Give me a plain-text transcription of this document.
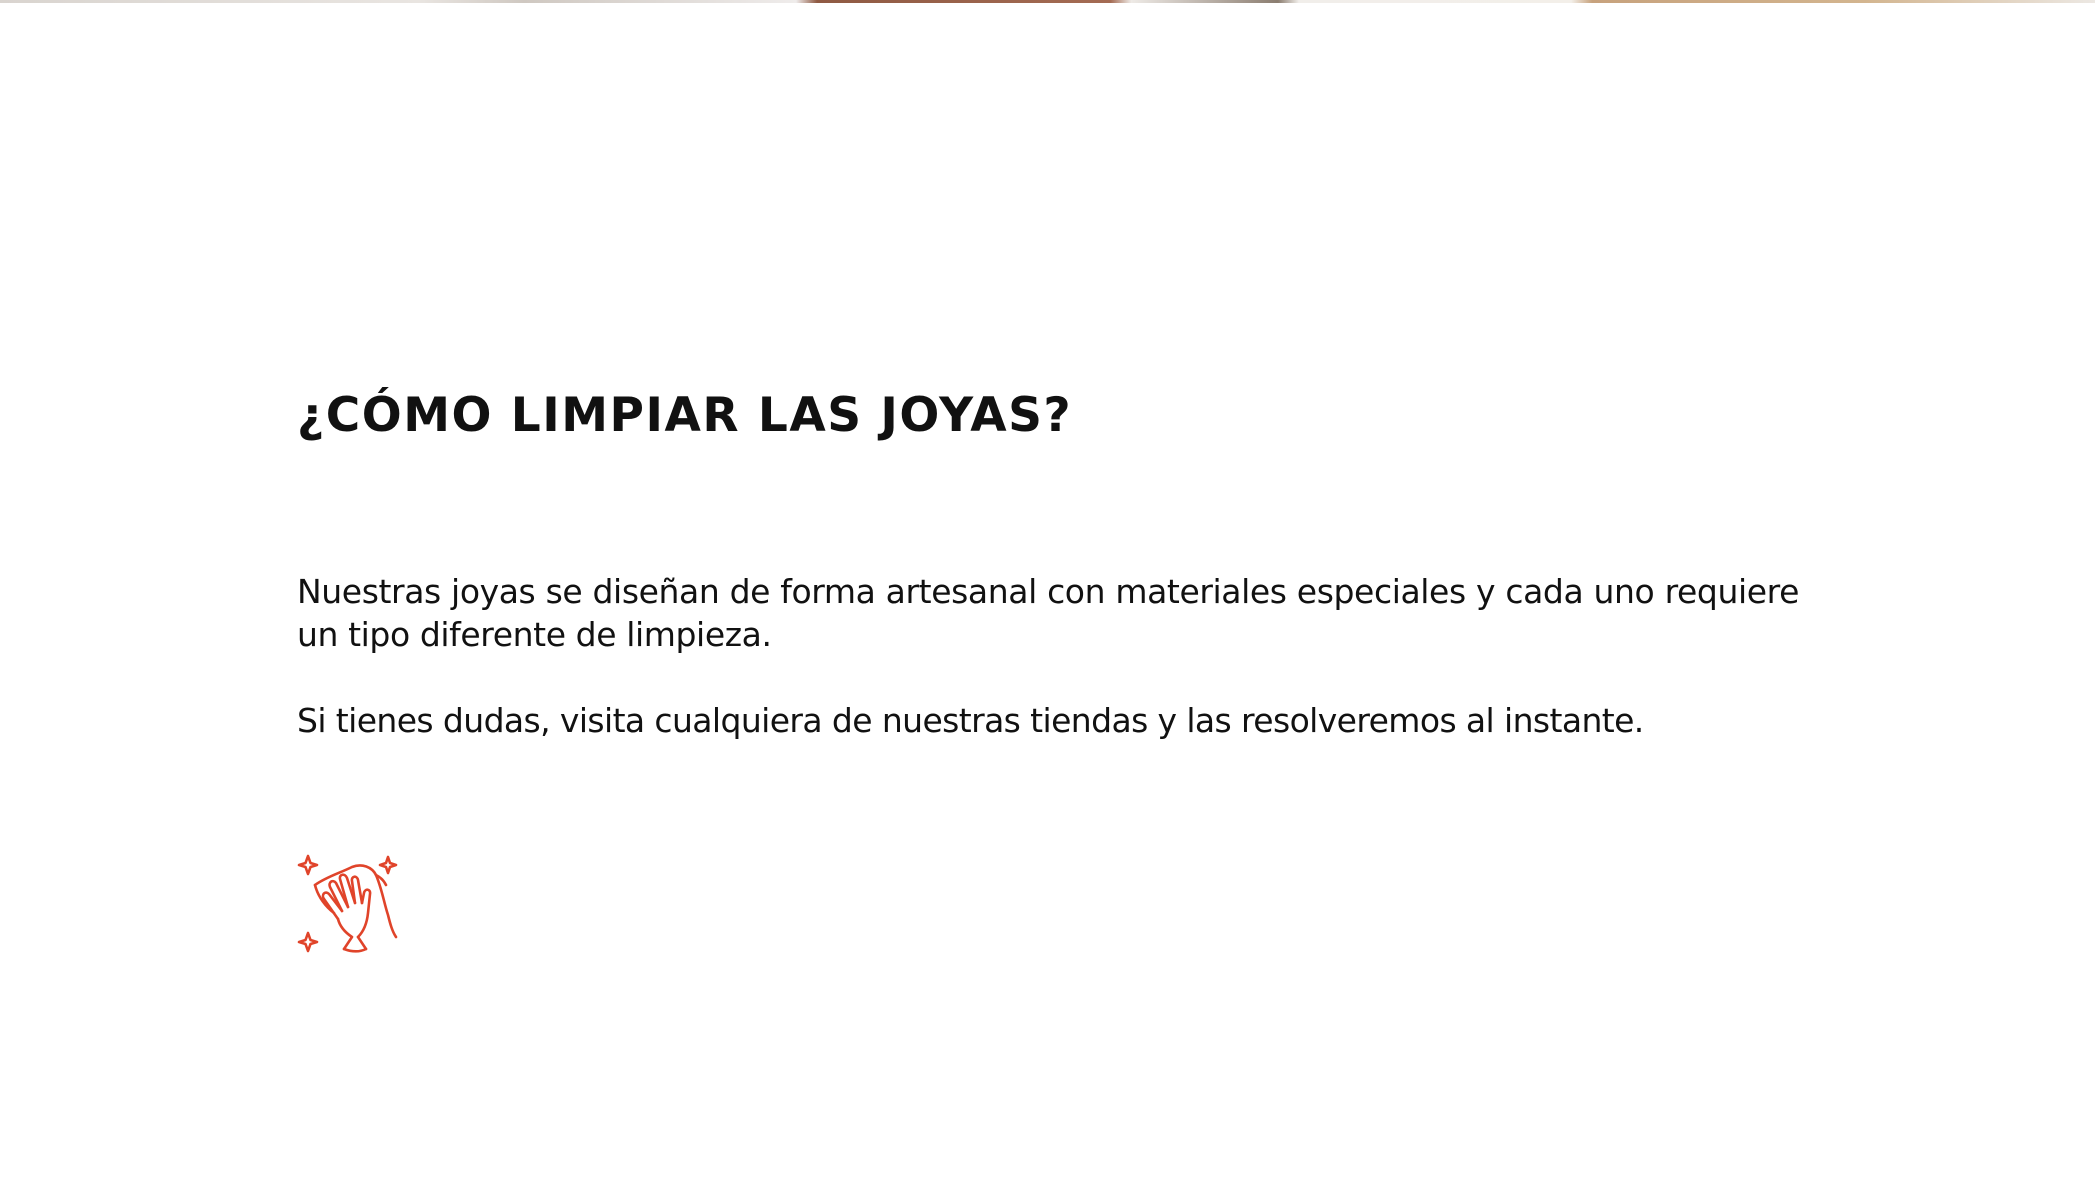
¿CÓMO LIMPIAR LAS JOYAS?

Nuestras joyas se diseñan de forma artesanal con materiales especiales y cada uno requiere un tipo diferente de limpieza.

Si tienes dudas, visita cualquiera de nuestras tiendas y las resolveremos al instante.
